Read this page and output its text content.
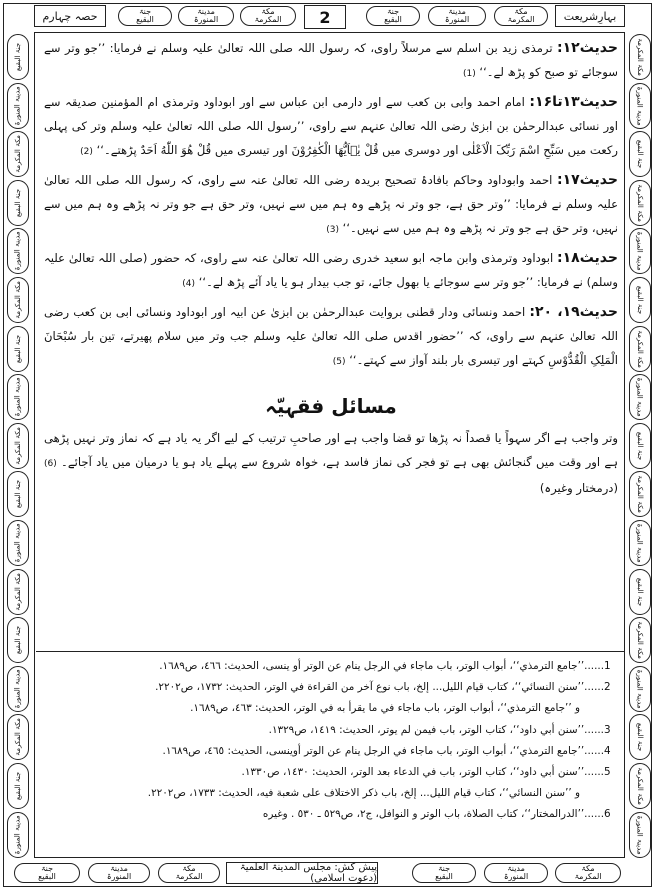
بہارِشریعت
مکۃ
المکرمۃ
مدینۃ
المنورۃ
جنۃ
البقیع
2
مکۃ
المکرمۃ
مدینۃ
المنورۃ
جنۃ
البقیع
حصہ چہارم

حدیث۱۲: ترمذی زید بن اسلم سے مرسلاً راوی، کہ رسول اللہ صلی اللہ تعالیٰ علیہ وسلم نے فرمایا: ’’جو وتر سے سوجائے تو صبح کو پڑھ لے۔‘‘ (1)

حدیث۱۳تا۱۶: امام احمد وابی بن کعب سے اور دارمی ابن عباس سے اور ابوداود وترمذی ام المؤمنین صدیقہ سے اور نسائی عبدالرحمٰن بن ابزیٰ رضی اللہ تعالیٰ عنہم سے راوی، ’’رسول اللہ صلی اللہ تعالیٰ علیہ وسلم وتر کی پہلی رکعت میں سَبِّحِ اسْمَ رَبِّکَ الْاَعْلٰی اور دوسری میں قُلْ یٰۤاَیُّهَا الْکٰفِرُوْنَ اور تیسری میں قُلْ هُوَ اللّٰهُ اَحَدٌ پڑھتے۔‘‘ (2)

حدیث۱۷: احمد وابوداود وحاکم بافادۂ تصحیح بریدہ رضی اللہ تعالیٰ عنہ سے راوی، کہ رسول اللہ صلی اللہ تعالیٰ علیہ وسلم نے فرمایا: ’’وتر حق ہے، جو وتر نہ پڑھے وہ ہم میں سے نہیں، وتر حق ہے جو وتر نہ پڑھے وہ ہم میں سے نہیں، وتر حق ہے جو وتر نہ پڑھے وہ ہم میں سے نہیں۔‘‘ (3)

حدیث۱۸: ابوداود وترمذی وابن ماجہ ابو سعید خدری رضی اللہ تعالیٰ عنہ سے راوی، کہ حضور (صلی اللہ تعالیٰ علیہ وسلم) نے فرمایا: ’’جو وتر سے سوجائے یا بھول جائے، تو جب بیدار ہو یا یاد آئے پڑھ لے۔‘‘ (4)

حدیث۱۹، ۲۰: احمد ونسائی ودار قطنی بروایت عبدالرحمٰن بن ابزیٰ عن ابیہ اور ابوداود ونسائی ابی بن کعب رضی اللہ تعالیٰ عنہم سے راوی، کہ ’’حضور اقدس صلی اللہ تعالیٰ علیہ وسلم جب وتر میں سلام پھیرتے، تین بار سُبْحَانَ الْمَلِکِ الْقُدُّوْسِ کہتے اور تیسری بار بلند آواز سے کہتے۔‘‘ (5)

مسائل فقہیّہ

وتر واجب ہے اگر سہواً یا قصداً نہ پڑھا تو قضا واجب ہے اور صاحبِ ترتیب کے لیے اگر یہ یاد ہے کہ نماز وتر نہیں پڑھی ہے اور وقت میں گنجائش بھی ہے تو فجر کی نماز فاسد ہے، خواہ شروع سے پہلے یاد ہو یا درمیان میں یاد آجائے۔ (6) (درمختار وغیرہ)

1......’’جامع الترمذي‘‘، أبواب الوتر، باب ماجاء في الرجل ينام عن الوتر أو ينسى، الحديث: ٤٦٦، ص١٦٨٩.
2......’’سنن النسائي‘‘، كتاب قيام الليل... إلخ، باب نوع آخر من القراءة في الوتر، الحديث: ١٧٣٢، ص٢٢٠٢.
و ’’جامع الترمذي‘‘، أبواب الوتر، باب ماجاء في ما يقرأ به في الوتر، الحديث: ٤٦٣، ص١٦٨٩.
3......’’سنن أبي داود‘‘، كتاب الوتر، باب فيمن لم يوتر، الحديث: ١٤١٩، ص١٣٢٩.
4......’’جامع الترمذي‘‘، أبواب الوتر، باب ماجاء في الرجل ينام عن الوتر أوينسى، الحديث: ٤٦٥، ص١٦٨٩.
5......’’سنن أبي داود‘‘، كتاب الوتر، باب في الدعاء بعد الوتر، الحديث: ١٤٣٠، ص١٣٣٠.
و ’’سنن النسائي‘‘، كتاب قيام الليل... إلخ، باب ذكر الاختلاف على شعبة فيه، الحديث: ١٧٣٣، ص٢٢٠٢.
6......’’الدرالمختار‘‘، كتاب الصلاة، باب الوتر و النوافل، ج٢، ص٥٢٩ ـ ٥٣٠ . وغيره
مکۃ
المکرمۃ
مدینۃ
المنورۃ
جنۃ
البقیع
پیش کش: مجلس المدینۃ العلمیۃ (دعوت اسلامی)
مکۃ
المکرمۃ
مدینۃ
المنورۃ
جنۃ
البقیع
مکۃ المکرمۃ
مدینۃ المنورۃ
جنۃ البقیع
مکۃ المکرمۃ
مدینۃ المنورۃ
جنۃ البقیع
مکۃ المکرمۃ
مدینۃ المنورۃ
جنۃ البقیع
مکۃ المکرمۃ
مدینۃ المنورۃ
جنۃ البقیع
مکۃ المکرمۃ
مدینۃ المنورۃ
جنۃ البقیع
مکۃ المکرمۃ
مدینۃ المنورۃ
جنۃ البقیع
مدینۃ المنورۃ
مکۃ المکرمۃ
جنۃ البقیع
مدینۃ المنورۃ
مکۃ المکرمۃ
جنۃ البقیع
مدینۃ المنورۃ
مکۃ المکرمۃ
جنۃ البقیع
مدینۃ المنورۃ
مکۃ المکرمۃ
جنۃ البقیع
مدینۃ المنورۃ
مکۃ المکرمۃ
جنۃ البقیع
مدینۃ المنورۃ
